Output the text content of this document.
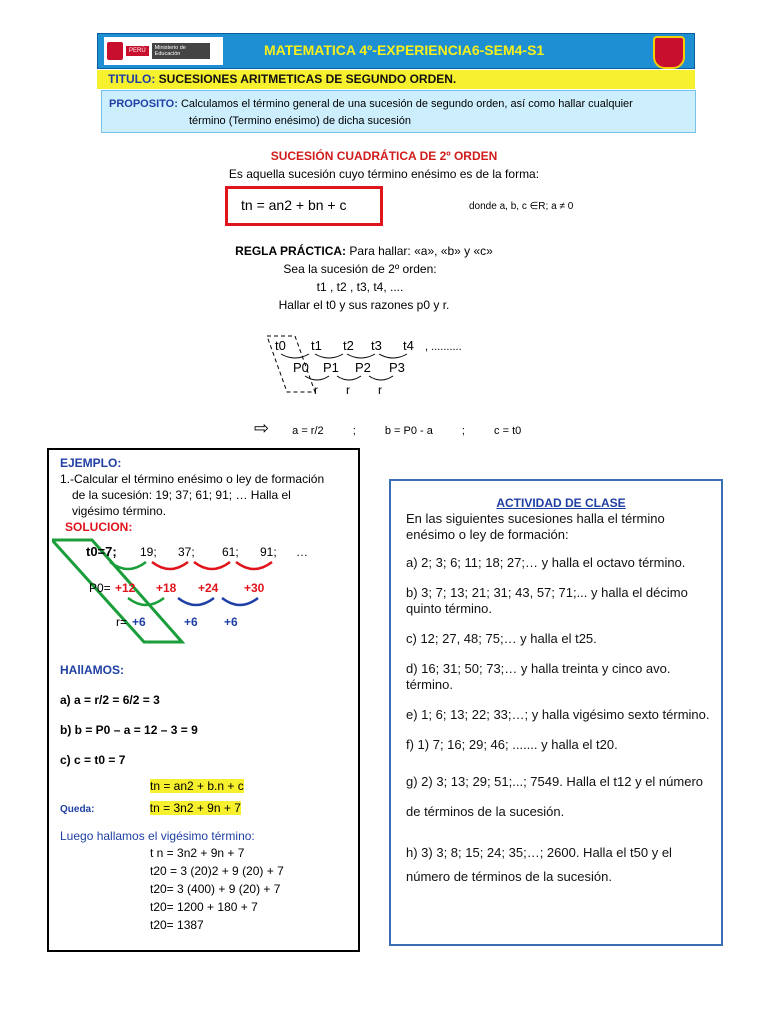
PERÚ	Ministerio de Educación	MATEMATICA 4º-EXPERIENCIA6-SEM4-S1
TITULO: SUCESIONES ARITMETICAS DE SEGUNDO ORDEN.
PROPOSITO: Calculamos el término general de una sucesión de segundo orden, así como hallar cualquier
término (Termino enésimo) de dicha sucesión
SUCESIÓN CUADRÁTICA DE 2º ORDEN
Es aquella sucesión cuyo término enésimo es de la forma:
tn = an2 + bn + c	donde a, b, c ∈R; a ≠ 0
REGLA PRÁCTICA: Para hallar: «a», «b» y «c»
Sea la sucesión de 2º orden:
t1 , t2 , t3, t4, ....
Hallar el t0 y sus razones p0 y r.
t0 t1 t2 t3 t4 , ..........
P0 P1 P2 P3
r r r
⇨ a = r/2	;	b = P0 - a	;	c = t0
EJEMPLO:
1.-Calcular el término enésimo o ley de formación
de la sucesión: 19; 37; 61; 91; … Halla el
vigésimo término.
SOLUCION:
t0=7; 19; 37; 61; 91; …
P0= +12 +18 +24 +30
r= +6	+6 +6
HAllAMOS:
a) a = r/2 = 6/2 = 3
b) b = P0 – a = 12 – 3 = 9
c) c = t0 = 7
tn = an2 + b.n + c
Queda:	tn = 3n2 + 9n + 7
Luego hallamos el vigésimo término:
t n = 3n2 + 9n + 7
t20 = 3 (20)2 + 9 (20) + 7
t20= 3 (400) + 9 (20) + 7
t20= 1200 + 180 + 7
t20= 1387
ACTIVIDAD DE CLASE
En las siguientes sucesiones halla el término enésimo o ley de formación:
a) 2; 3; 6; 11; 18; 27;… y halla el octavo término.
b) 3; 7; 13; 21; 31; 43, 57; 71;... y halla el décimo quinto término.
c) 12; 27, 48; 75;… y halla el t25.
d) 16; 31; 50; 73;… y halla treinta y cinco avo. término.
e) 1; 6; 13; 22; 33;…; y halla vigésimo sexto término.
f) 1) 7; 16; 29; 46; ....... y halla el t20.
g) 2) 3; 13; 29; 51;...; 7549. Halla el t12 y el número de términos de la sucesión.
h) 3) 3; 8; 15; 24; 35;…; 2600. Halla el t50 y el número de términos de la sucesión.
